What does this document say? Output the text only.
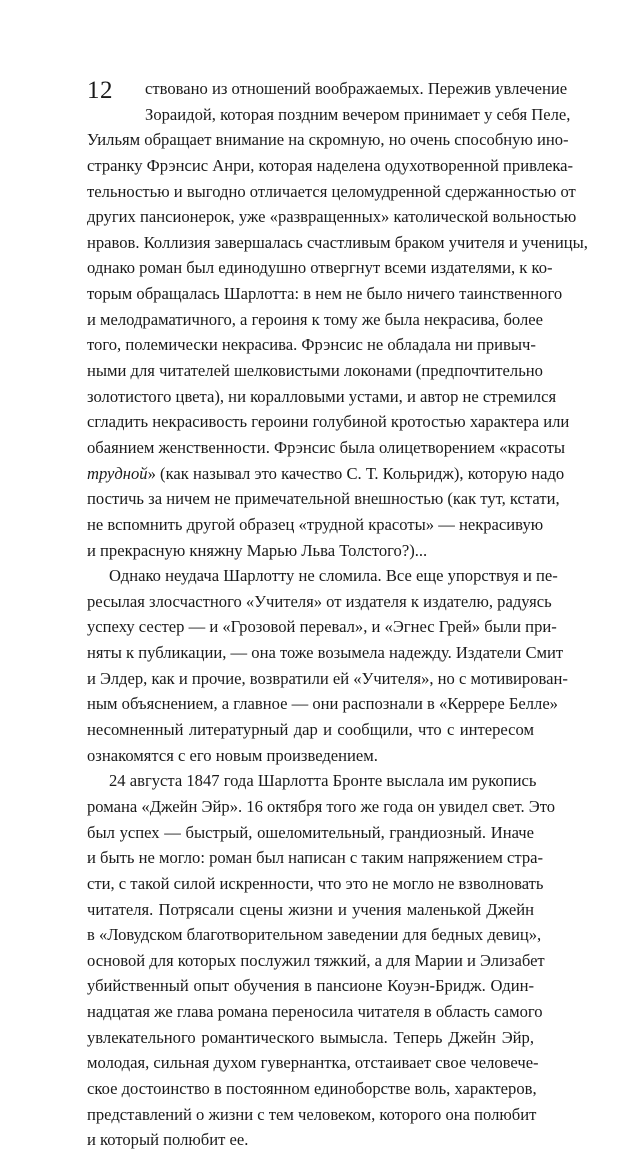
12	ствовано из отношений воображаемых. Пережив увлечение
Зораидой, которая поздним вечером принимает у себя Пеле,
Уильям обращает внимание на скромную, но очень способную ино-
странку Фрэнсис Анри, которая наделена одухотворенной привлека-
тельностью и выгодно отличается целомудренной сдержанностью от
других пансионерок, уже «развращенных» католической вольностью
нравов. Коллизия завершалась счастливым браком учителя и ученицы,
однако роман был единодушно отвергнут всеми издателями, к ко-
торым обращалась Шарлотта: в нем не было ничего таинственного
и мелодраматичного, а героиня к тому же была некрасива, более
того, полемически некрасива. Фрэнсис не обладала ни привыч-
ными для читателей шелковистыми локонами (предпочтительно
золотистого цвета), ни коралловыми устами, и автор не стремился
сгладить некрасивость героини голубиной кротостью характера или
обаянием женственности. Фрэнсис была олицетворением «красоты
трудной» (как называл это качество С. Т. Кольридж), которую надо
постичь за ничем не примечательной внешностью (как тут, кстати,
не вспомнить другой образец «трудной красоты» — некрасивую
и прекрасную княжну Марью Льва Толстого?)...
Однако неудача Шарлотту не сломила. Все еще упорствуя и пе-
ресылая злосчастного «Учителя» от издателя к издателю, радуясь
успеху сестер — и «Грозовой перевал», и «Эгнес Грей» были при-
няты к публикации, — она тоже возымела надежду. Издатели Смит
и Элдер, как и прочие, возвратили ей «Учителя», но с мотивирован-
ным объяснением, а главное — они распознали в «Керрере Белле»
несомненный литературный дар и сообщили, что с интересом
ознакомятся с его новым произведением.
24 августа 1847 года Шарлотта Бронте выслала им рукопись
романа «Джейн Эйр». 16 октября того же года он увидел свет. Это
был успех — быстрый, ошеломительный, грандиозный. Иначе
и быть не могло: роман был написан с таким напряжением стра-
сти, с такой силой искренности, что это не могло не взволновать
читателя. Потрясали сцены жизни и учения маленькой Джейн
в «Ловудском благотворительном заведении для бедных девиц»,
основой для которых послужил тяжкий, а для Марии и Элизабет
убийственный опыт обучения в пансионе Коуэн-Бридж. Один-
надцатая же глава романа переносила читателя в область самого
увлекательного романтического вымысла. Теперь Джейн Эйр,
молодая, сильная духом гувернантка, отстаивает свое человече-
ское достоинство в постоянном единоборстве воль, характеров,
представлений о жизни с тем человеком, которого она полюбит
и который полюбит ее.
